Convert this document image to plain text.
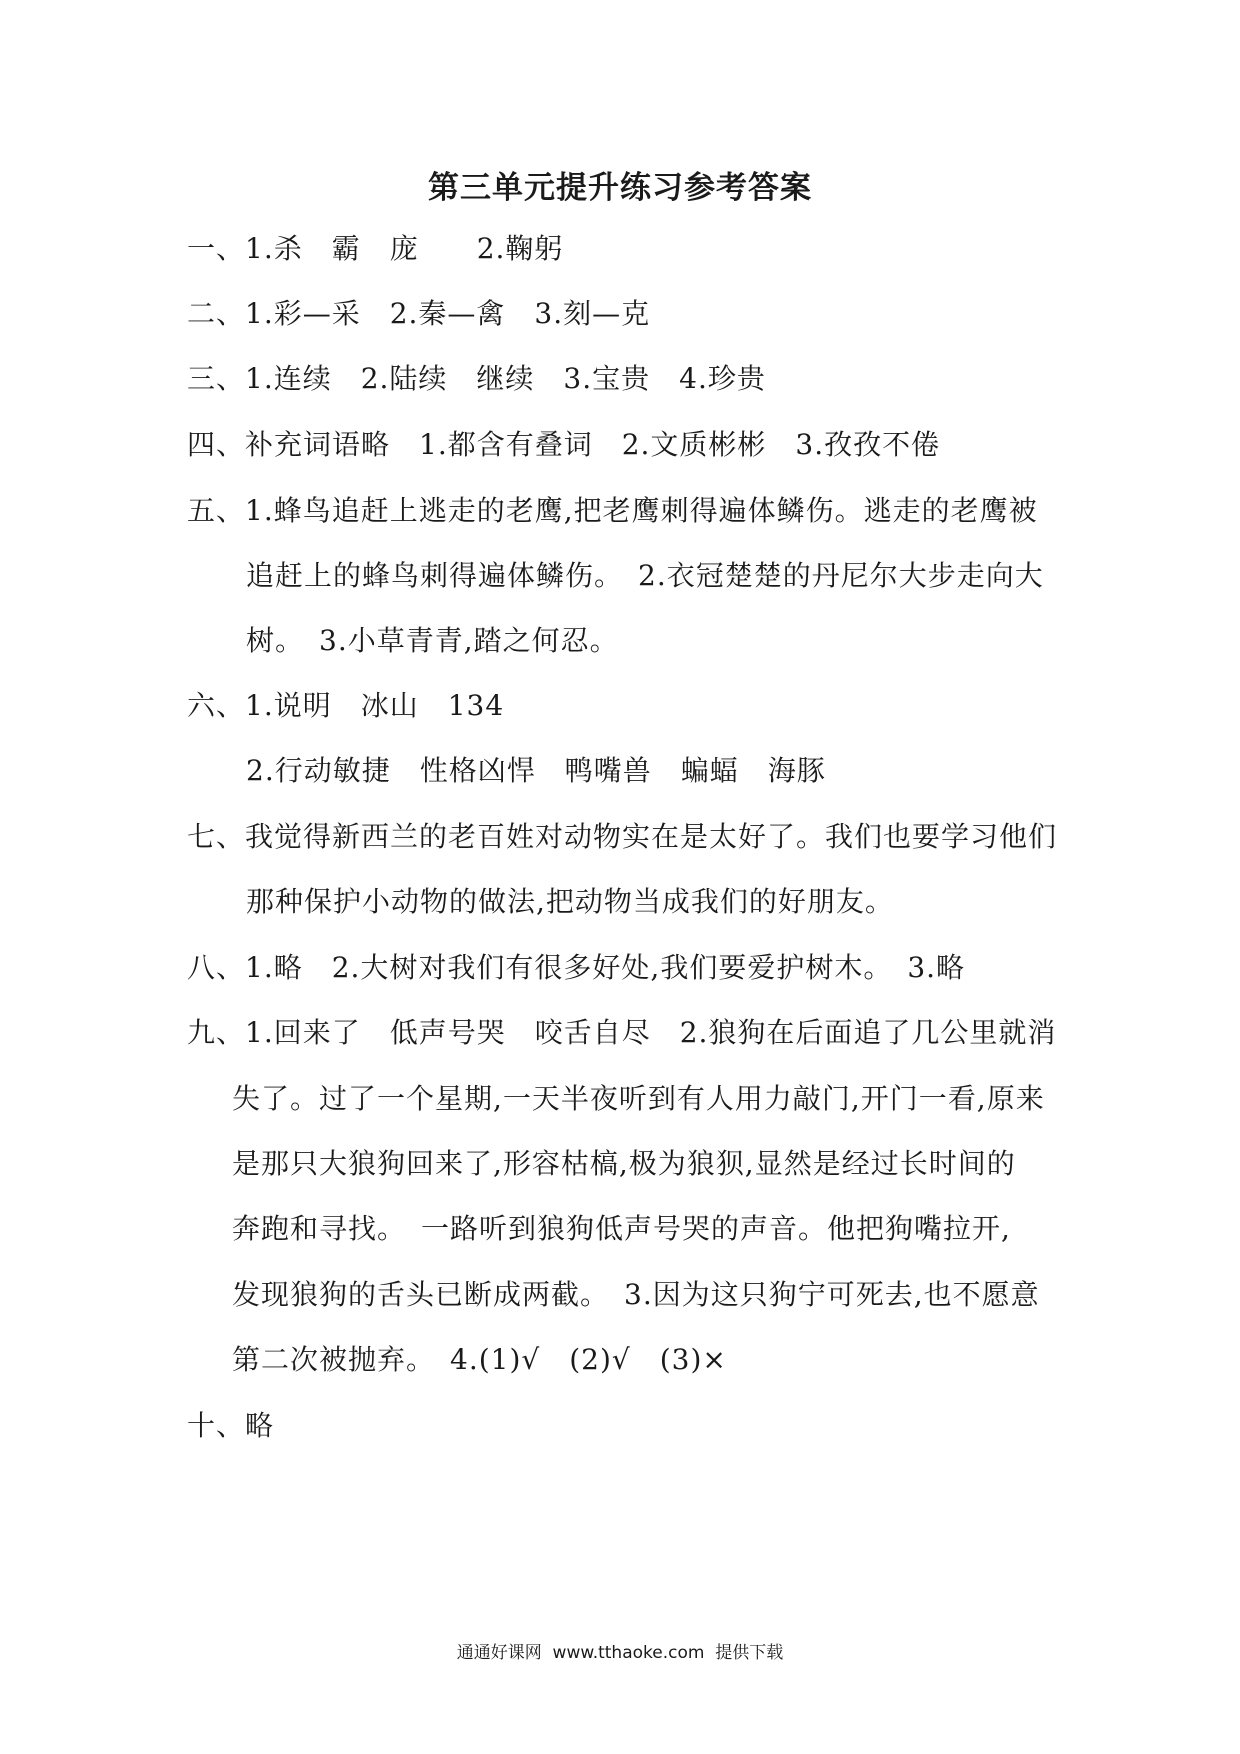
第三单元提升练习参考答案
一、1.杀　霸　庞　　2.鞠躬
二、1.彩—采　2.秦—禽　3.刻—克
三、1.连续　2.陆续　继续　3.宝贵　4.珍贵
四、补充词语略　1.都含有叠词　2.文质彬彬　3.孜孜不倦
五、1.蜂鸟追赶上逃走的老鹰,把老鹰刺得遍体鳞伤。逃走的老鹰被
追赶上的蜂鸟刺得遍体鳞伤。　2.衣冠楚楚的丹尼尔大步走向大
树。　3.小草青青,踏之何忍。
六、1.说明　冰山　134
2.行动敏捷　性格凶悍　鸭嘴兽　蝙蝠　海豚
七、我觉得新西兰的老百姓对动物实在是太好了。我们也要学习他们
那种保护小动物的做法,把动物当成我们的好朋友。
八、1.略　2.大树对我们有很多好处,我们要爱护树木。　3.略
九、1.回来了　低声号哭　咬舌自尽　2.狼狗在后面追了几公里就消
失了。过了一个星期,一天半夜听到有人用力敲门,开门一看,原来
是那只大狼狗回来了,形容枯槁,极为狼狈,显然是经过长时间的
奔跑和寻找。　一路听到狼狗低声号哭的声音。他把狗嘴拉开,
发现狼狗的舌头已断成两截。　3.因为这只狗宁可死去,也不愿意
第二次被抛弃。　4.(1)√　(2)√　(3)×
十、略
通通好课网  www.tthaoke.com  提供下载
